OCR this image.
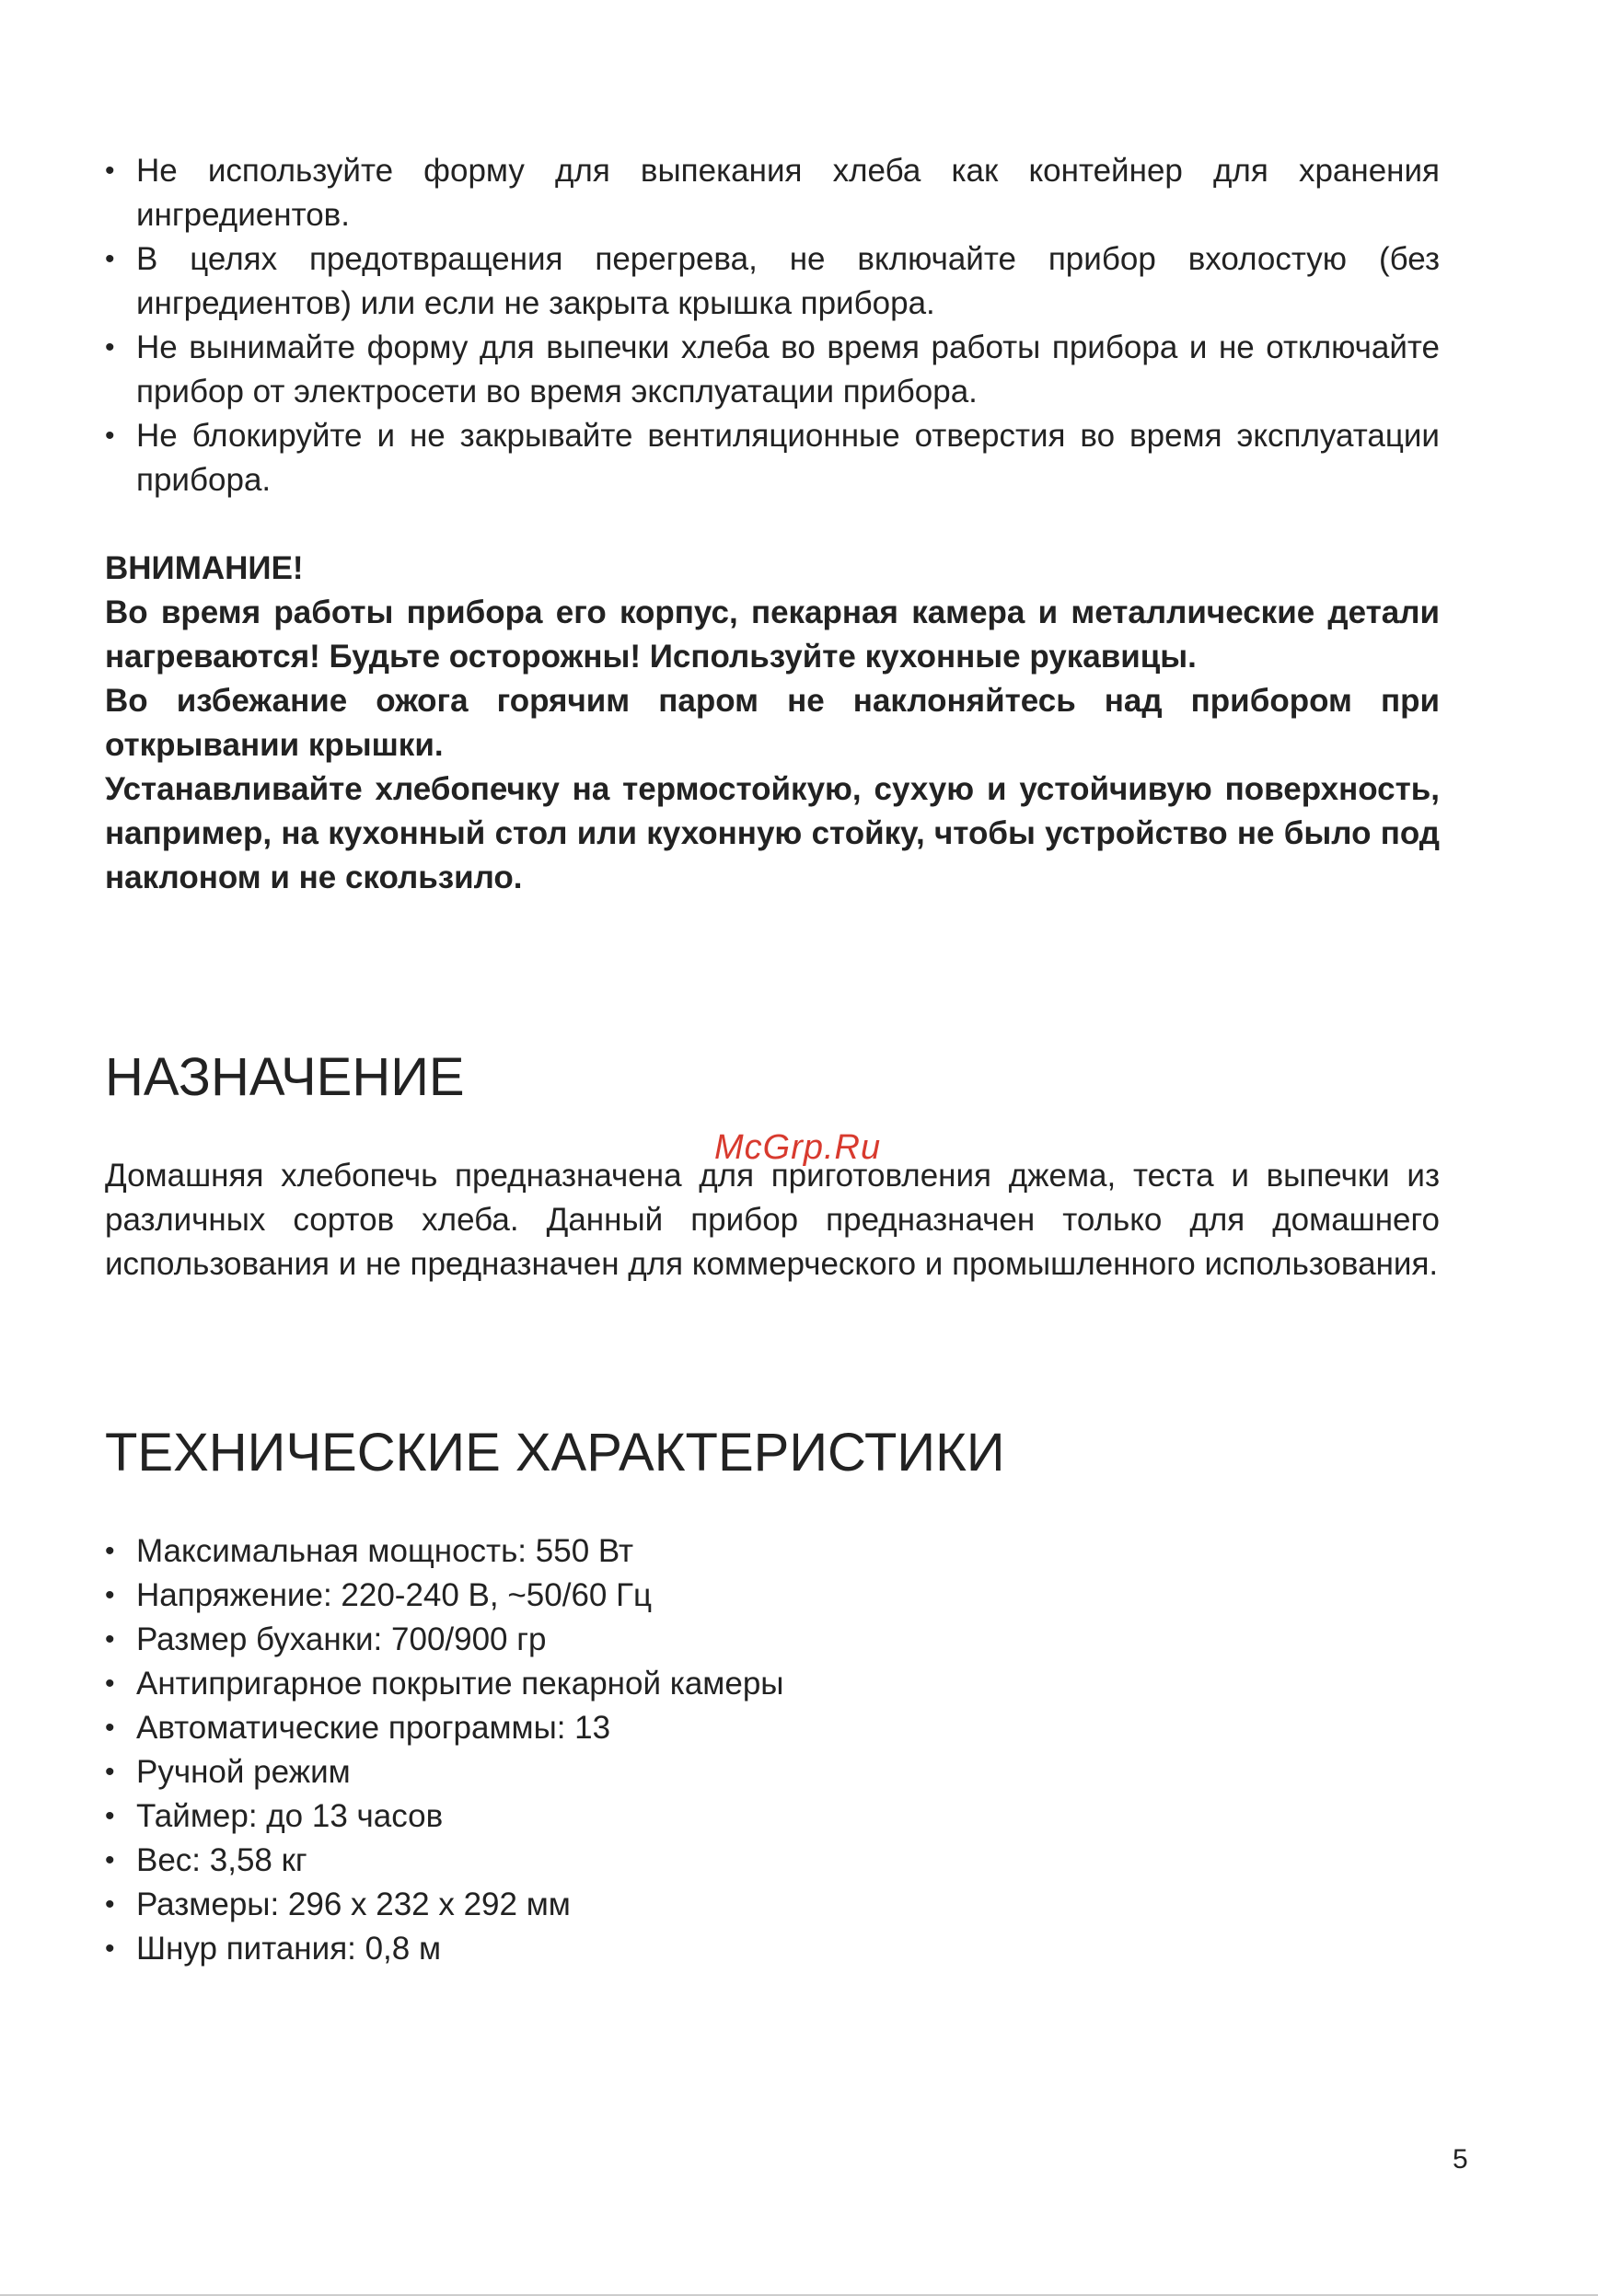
• Не используйте форму для выпекания хлеба как контейнер для хранения ингредиентов.
• В целях предотвращения перегрева, не включайте прибор вхолостую (без ингредиентов) или если не закрыта крышка прибора.
• Не вынимайте форму для выпечки хлеба во время работы прибора и не отключайте прибор от электросети во время эксплуатации прибора.
• Не блокируйте и не закрывайте вентиляционные отверстия во время эксплуатации прибора.

ВНИМАНИЕ!

Во время работы прибора его корпус, пекарная камера и металлические детали нагреваются! Будьте осторожны! Используйте кухонные рукавицы.

Во избежание ожога горячим паром не наклоняйтесь над прибором при открывании крышки.

Устанавливайте хлебопечку на термостойкую, сухую и устойчивую поверхность, например, на кухонный стол или кухонную стойку, чтобы устройство не было под наклоном и не скользило.

НАЗНАЧЕНИЕ

Домашняя хлебопечь предназначена для приготовления джема, теста и выпечки из различных сортов хлеба. Данный прибор предназначен только для домашнего использования и не предназначен для коммерческого и промышленного использования.

ТЕХНИЧЕСКИЕ ХАРАКТЕРИСТИКИ
• Максимальная мощность: 550 Вт
• Напряжение: 220-240 В, ~50/60 Гц
• Размер буханки: 700/900 гр
• Антипригарное покрытие пекарной камеры
• Автоматические программы: 13
• Ручной режим
• Таймер: до 13 часов
• Вес: 3,58 кг
• Размеры: 296 х 232 х 292 мм
• Шнур питания: 0,8 м
McGrp.Ru
5
